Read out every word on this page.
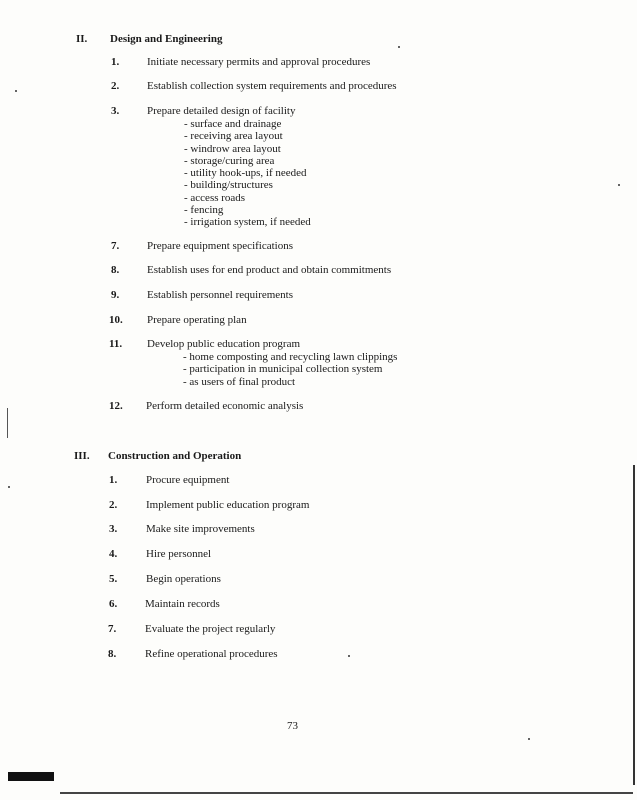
II. Design and Engineering
1.	Initiate necessary permits and approval procedures
2.	Establish collection system requirements and procedures
3.	Prepare detailed design of facility
- surface and drainage
- receiving area layout
- windrow area layout
- storage/curing area
- utility hook-ups, if needed
- building/structures
- access roads
- fencing
- irrigation system, if needed
7.	Prepare equipment specifications
8.	Establish uses for end product and obtain commitments
9.	Establish personnel requirements
10. Prepare operating plan
11. Develop public education program
- home composting and recycling lawn clippings
- participation in municipal collection system
- as users of final product
12. Perform detailed economic analysis
III. Construction and Operation
1.	Procure equipment
2.	Implement public education program
3.	Make site improvements
4.	Hire personnel
5.	Begin operations
6.	Maintain records
7.	Evaluate the project regularly
8.	Refine operational procedures
73
